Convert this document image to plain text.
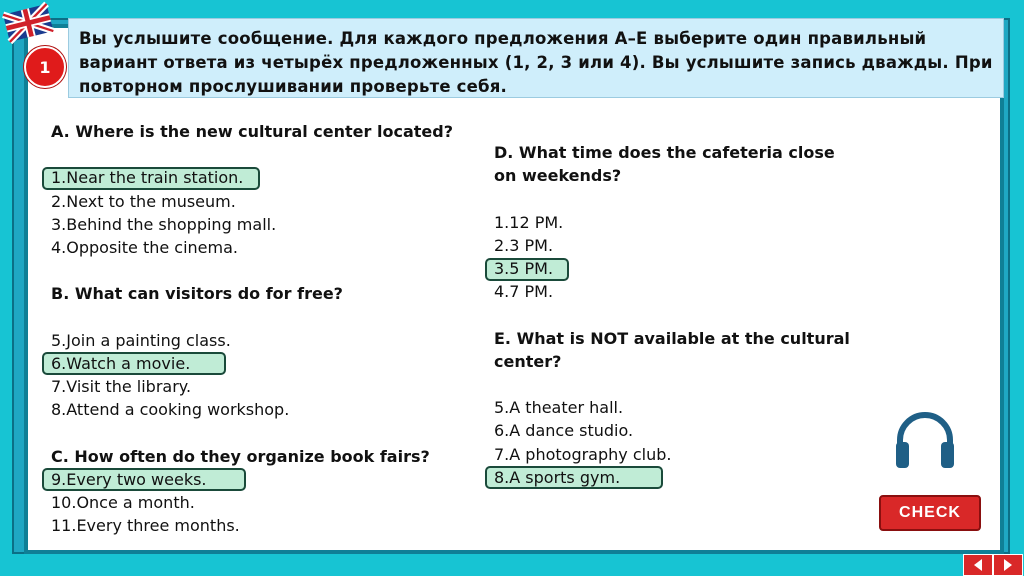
1
Вы услышите сообщение. Для каждого предложения А–Е выберите один правильный вариант ответа из четырёх предложенных (1, 2, 3 или 4). Вы услышите запись дважды. При повторном прослушивании проверьте себя.
A. Where is the new cultural center located?
1.Near the train station.
2.Next to the museum.
3.Behind the shopping mall.
4.Opposite the cinema.
B. What can visitors do for free?
5.Join a painting class.
6.Watch a movie.
7.Visit the library.
8.Attend a cooking workshop.
C. How often do they organize book fairs?
9.Every two weeks.
10.Once a month.
11.Every three months.
D. What time does the cafeteria close on weekends?
1.12 PM.
2.3 PM.
3.5 PM.
4.7 PM.
E. What is NOT available at the cultural center?
5.A theater hall.
6.A dance studio.
7.A photography club.
8.A sports gym.
CHECK
